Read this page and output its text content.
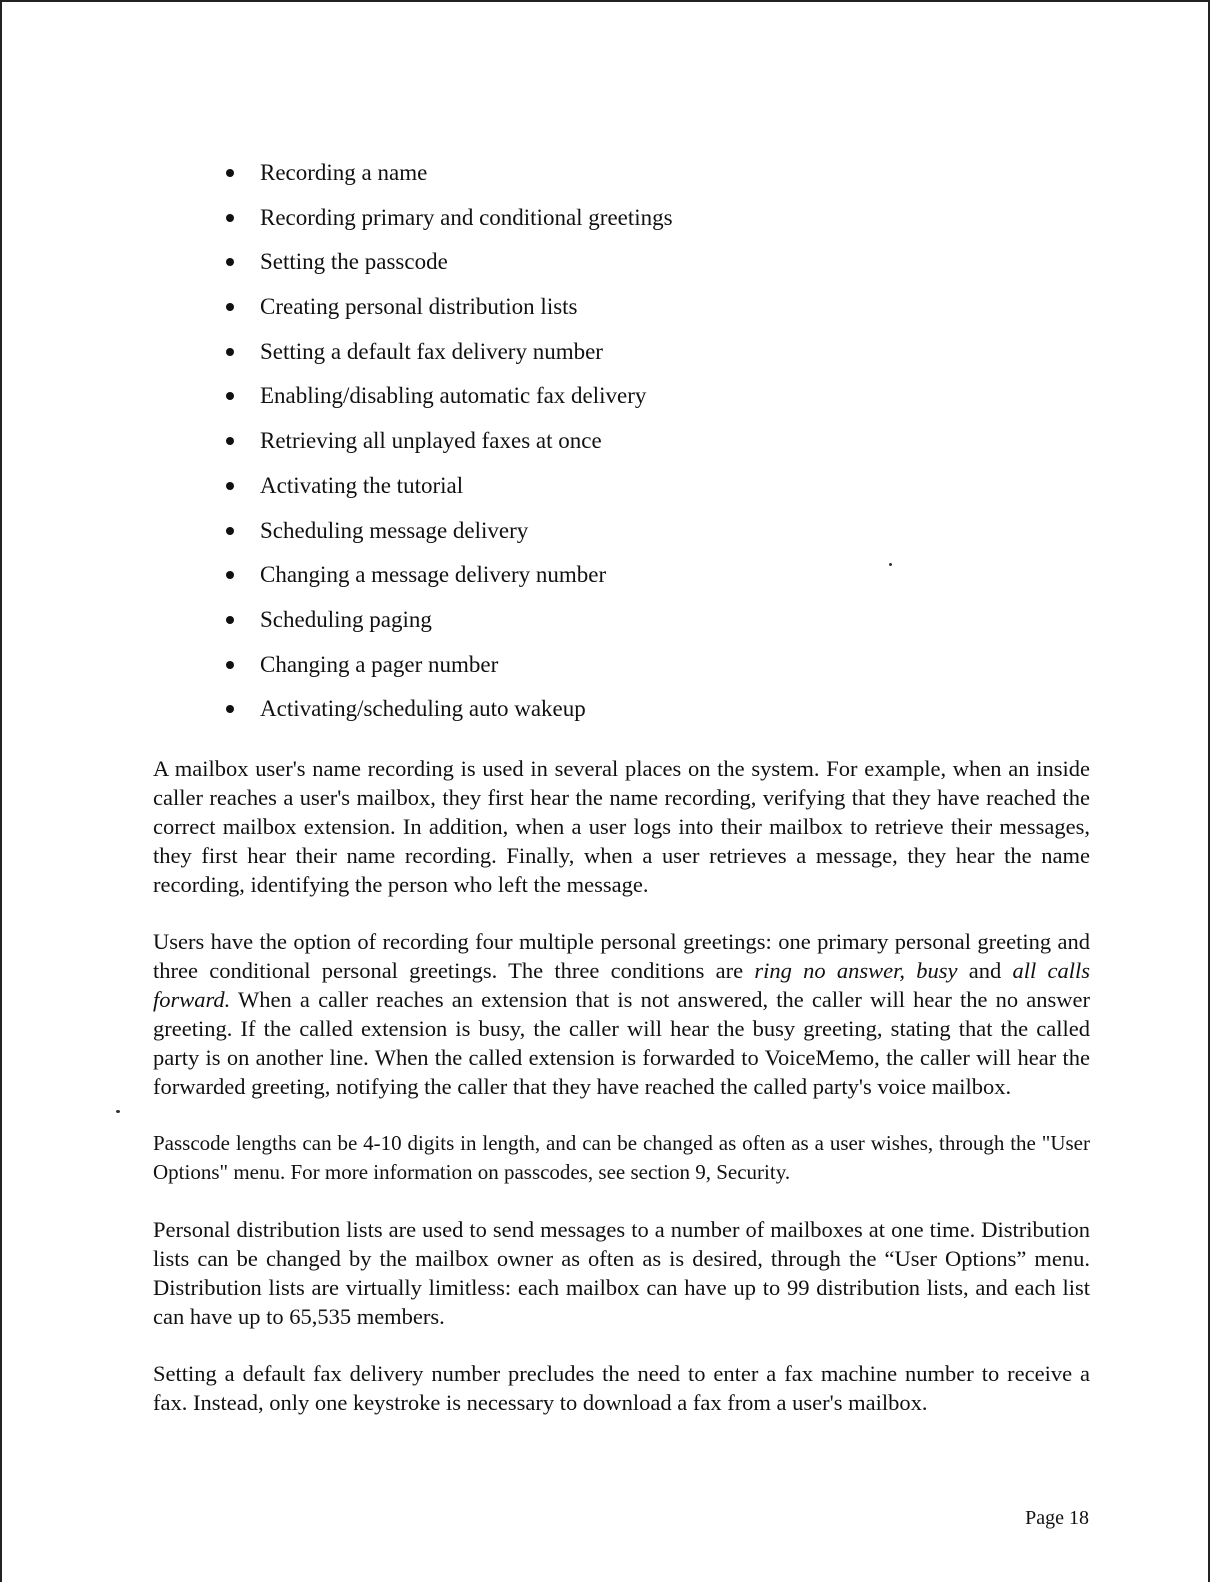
Recording a name
Recording primary and conditional greetings
Setting the passcode
Creating personal distribution lists
Setting a default fax delivery number
Enabling/disabling automatic fax delivery
Retrieving all unplayed faxes at once
Activating the tutorial
Scheduling message delivery
Changing a message delivery number
Scheduling paging
Changing a pager number
Activating/scheduling auto wakeup

A mailbox user's name recording is used in several places on the system. For example, when an inside caller reaches a user's mailbox, they first hear the name recording, verifying that they have reached the correct mailbox extension. In addition, when a user logs into their mailbox to retrieve their messages, they first hear their name recording. Finally, when a user retrieves a message, they hear the name recording, identifying the person who left the message.

Users have the option of recording four multiple personal greetings: one primary personal greeting and three conditional personal greetings. The three conditions are ring no answer, busy and all calls forward. When a caller reaches an extension that is not answered, the caller will hear the no answer greeting. If the called extension is busy, the caller will hear the busy greeting, stating that the called party is on another line. When the called extension is forwarded to VoiceMemo, the caller will hear the forwarded greeting, notifying the caller that they have reached the called party's voice mailbox.

Passcode lengths can be 4-10 digits in length, and can be changed as often as a user wishes, through the "User Options" menu. For more information on passcodes, see section 9, Security.

Personal distribution lists are used to send messages to a number of mailboxes at one time. Distribution lists can be changed by the mailbox owner as often as is desired, through the “User Options” menu. Distribution lists are virtually limitless: each mailbox can have up to 99 distribution lists, and each list can have up to 65,535 members.

Setting a default fax delivery number precludes the need to enter a fax machine number to receive a fax. Instead, only one keystroke is necessary to download a fax from a user's mailbox.

Page 18
